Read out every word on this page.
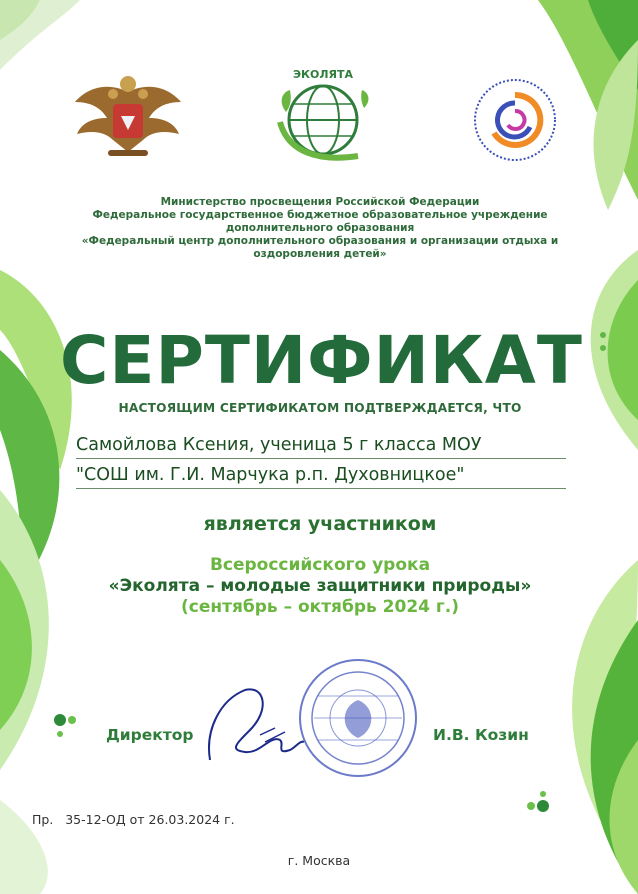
ЭКОЛЯТА
Министерство просвещения Российской Федерации
Федеральное государственное бюджетное образовательное учреждение
дополнительного образования
«Федеральный центр дополнительного образования и организации отдыха и
оздоровления детей»
СЕРТИФИКАТ
НАСТОЯЩИМ СЕРТИФИКАТОМ ПОДТВЕРЖДАЕТСЯ, ЧТО
Самойлова Ксения, ученица 5 г класса МОУ
"СОШ им. Г.И. Марчука р.п. Духовницкое"
является участником
Всероссийского урока
«Эколята – молодые защитники природы»
(сентябрь – октябрь 2024 г.)
Директор	И.В. Козин
Пр.   35-12-ОД от 26.03.2024 г.
г. Москва
